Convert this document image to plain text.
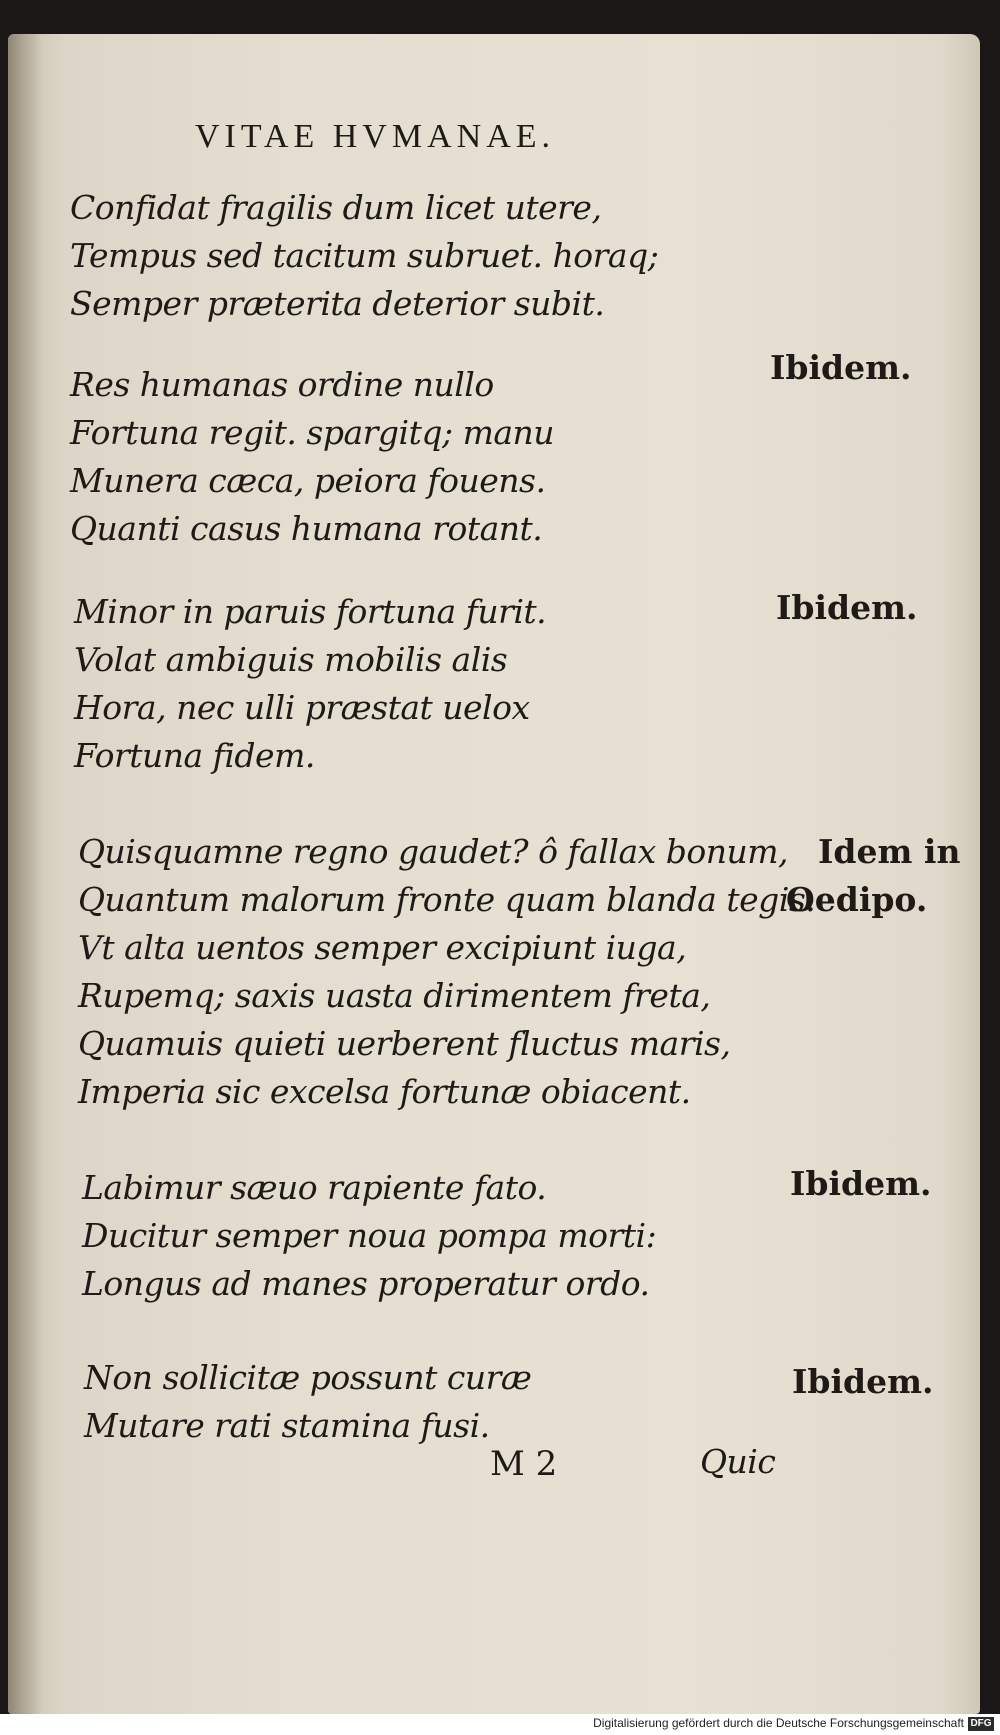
VITAE HVMANAE.
Confidat fragilis dum licet utere,
Tempus sed tacitum subruet. horaq;
Semper præterita deterior subit.
Ibidem.
Res humanas ordine nullo
Fortuna regit. spargitq; manu
Munera cæca, peiora fouens.
Quanti casus humana rotant.
Ibidem.
Minor in paruis fortuna furit.
Volat ambiguis mobilis alis
Hora, nec ulli præstat uelox
Fortuna fidem.
Idem in
Oedipo.
Quisquamne regno gaudet? ô fallax bonum,
Quantum malorum fronte quam blanda tegis.
Vt alta uentos semper excipiunt iuga,
Rupemq; saxis uasta dirimentem freta,
Quamuis quieti uerberent fluctus maris,
Imperia sic excelsa fortunæ obiacent.
Ibidem.
Labimur sæuo rapiente fato.
Ducitur semper noua pompa morti:
Longus ad manes properatur ordo.
Ibidem.
Non sollicitæ possunt curæ
Mutare rati stamina fusi.
M 2	Quic
Digitalisierung gefördert durch die Deutsche Forschungsgemeinschaft DFG
